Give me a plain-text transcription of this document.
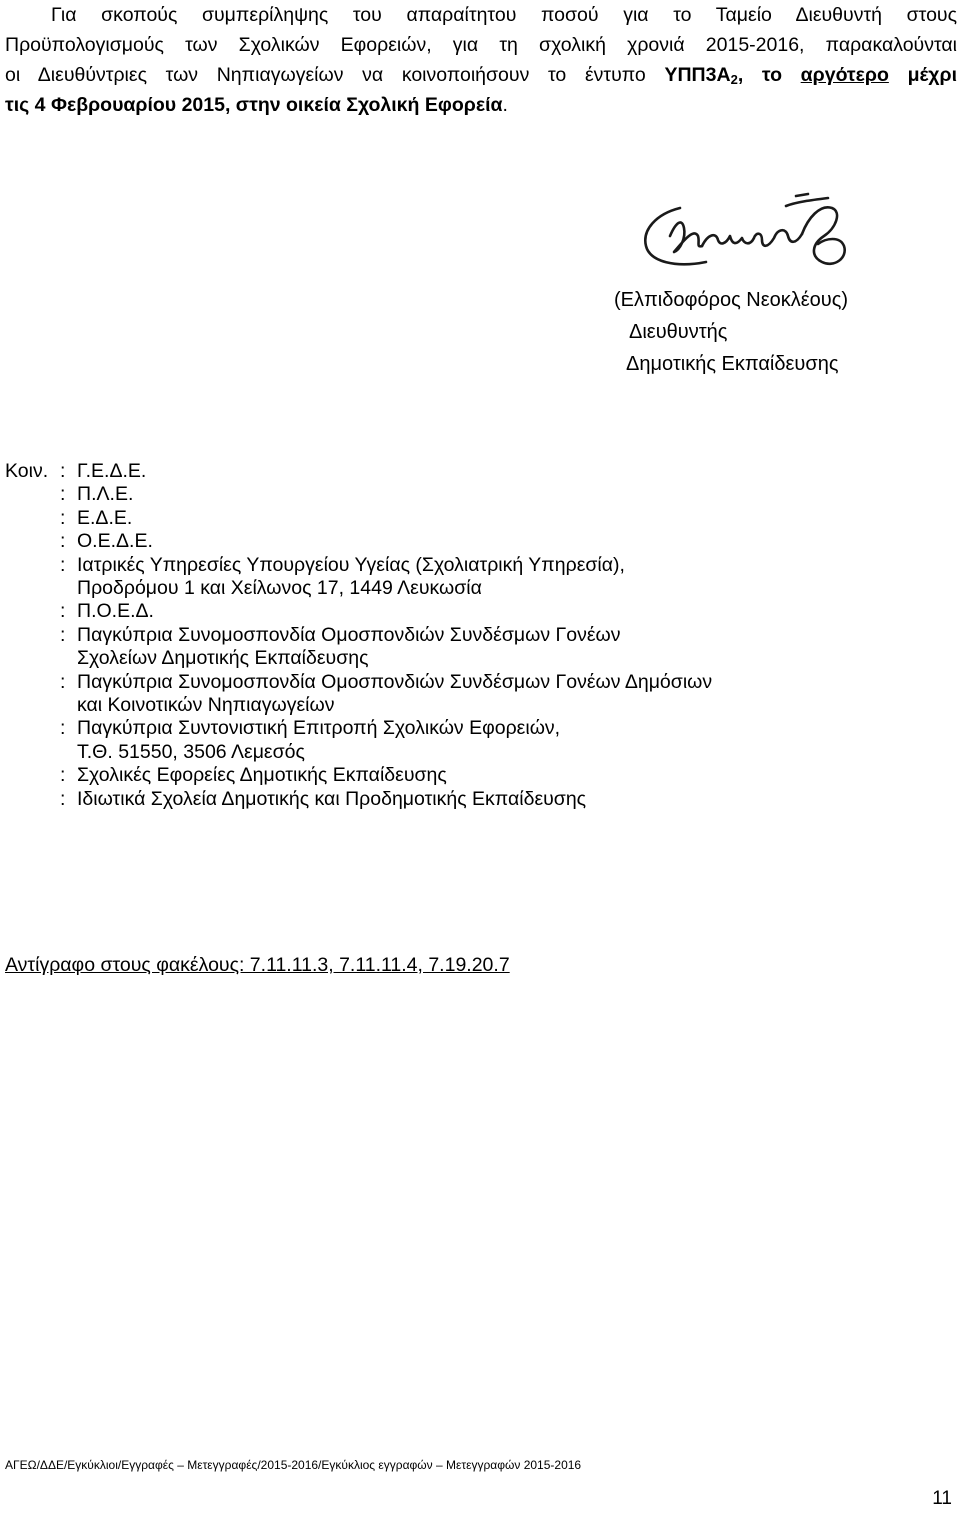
Για σκοπούς συμπερίληψης του απαραίτητου ποσού για το Ταμείο Διευθυντή στους
Προϋπολογισμούς των Σχολικών Εφορειών, για τη σχολική χρονιά 2015-2016, παρακαλούνται
οι Διευθύντριες των Νηπιαγωγείων να κοινοποιήσουν το έντυπο $\Upsilon\Pi\Pi 3A_2$, το αργότερο μέχρι
τις 4 Φεβρουαρίου 2015, στην οικεία Σχολική Εφορεία.
(Ελπιδοφόρος Νεοκλέους)
Διευθυντής
Δημοτικής Εκπαίδευσης
Κοιν. : Γ.Ε.Δ.Ε.
: Π.Λ.Ε.
: Ε.Δ.Ε.
: Ο.Ε.Δ.Ε.
: Ιατρικές Υπηρεσίες Υπουργείου Υγείας (Σχολιατρική Υπηρεσία),
Προδρόμου 1 και Χείλωνος 17, 1449 Λευκωσία
: Π.Ο.Ε.Δ.
: Παγκύπρια Συνομοσπονδία Ομοσπονδιών Συνδέσμων Γονέων
Σχολείων Δημοτικής Εκπαίδευσης
: Παγκύπρια Συνομοσπονδία Ομοσπονδιών Συνδέσμων Γονέων Δημόσιων
και Κοινοτικών Νηπιαγωγείων
: Παγκύπρια Συντονιστική Επιτροπή Σχολικών Εφορειών,
Τ.Θ. 51550, 3506 Λεμεσός
: Σχολικές Εφορείες Δημοτικής Εκπαίδευσης
: Ιδιωτικά Σχολεία Δημοτικής και Προδημοτικής Εκπαίδευσης
Αντίγραφο στους φακέλους: 7.11.11.3, 7.11.11.4, 7.19.20.7
ΑΓΕΩ/ΔΔΕ/Εγκύκλιοι/Εγγραφές – Μετεγγραφές/2015-2016/Εγκύκλιος εγγραφών – Μετεγγραφών 2015-2016
11
